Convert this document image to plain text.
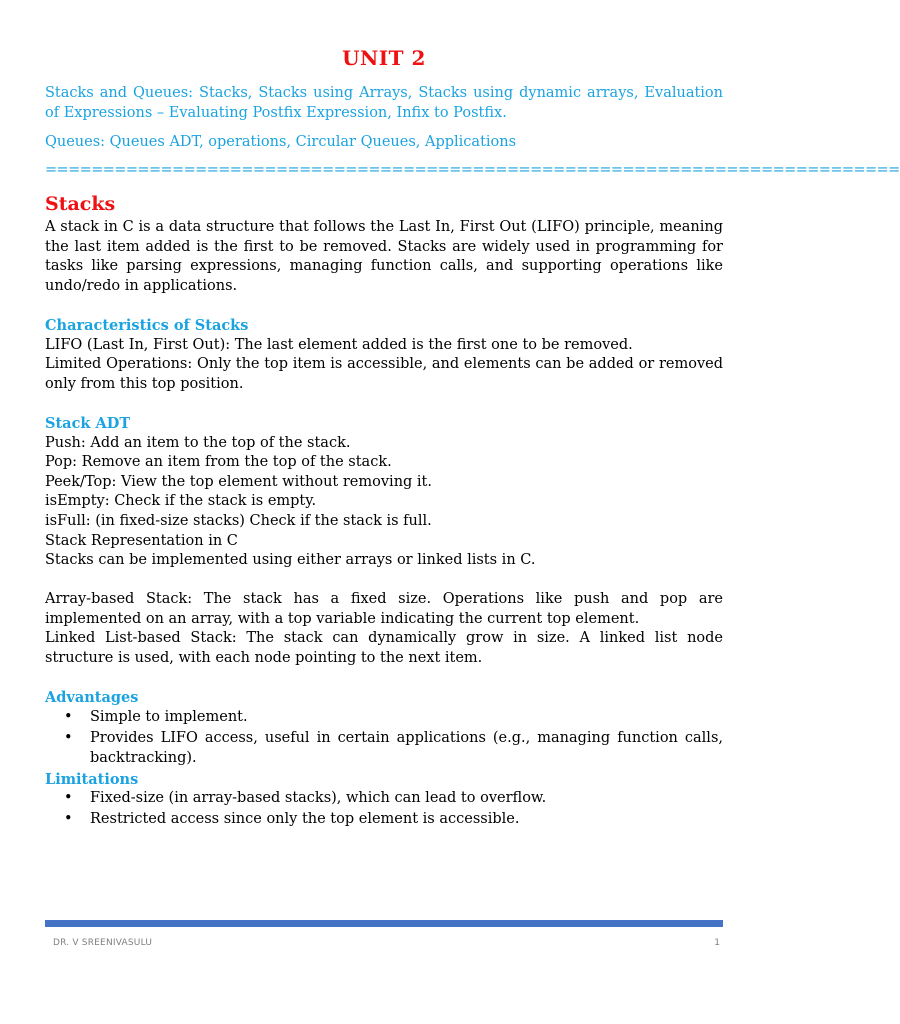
UNIT 2
Stacks and Queues: Stacks, Stacks using Arrays, Stacks using dynamic arrays, Evaluation of Expressions – Evaluating Postfix Expression, Infix to Postfix.
Queues: Queues ADT, operations, Circular Queues, Applications
==========================================================================
Stacks

A stack in C is a data structure that follows the Last In, First Out (LIFO) principle, meaning the last item added is the first to be removed. Stacks are widely used in programming for tasks like parsing expressions, managing function calls, and supporting operations like undo/redo in applications.

Characteristics of Stacks

LIFO (Last In, First Out): The last element added is the first one to be removed.

Limited Operations: Only the top item is accessible, and elements can be added or removed only from this top position.

Stack ADT

Push: Add an item to the top of the stack.

Pop: Remove an item from the top of the stack.

Peek/Top: View the top element without removing it.

isEmpty: Check if the stack is empty.

isFull: (in fixed-size stacks) Check if the stack is full.

Stack Representation in C

Stacks can be implemented using either arrays or linked lists in C.

Array-based Stack: The stack has a fixed size. Operations like push and pop are implemented on an array, with a top variable indicating the current top element.

Linked List-based Stack: The stack can dynamically grow in size. A linked list node structure is used, with each node pointing to the next item.

Advantages

• Simple to implement.
• Provides LIFO access, useful in certain applications (e.g., managing function calls, backtracking).

Limitations

• Fixed-size (in array-based stacks), which can lead to overflow.
• Restricted access since only the top element is accessible.
DR. V SREENIVASULU	1
